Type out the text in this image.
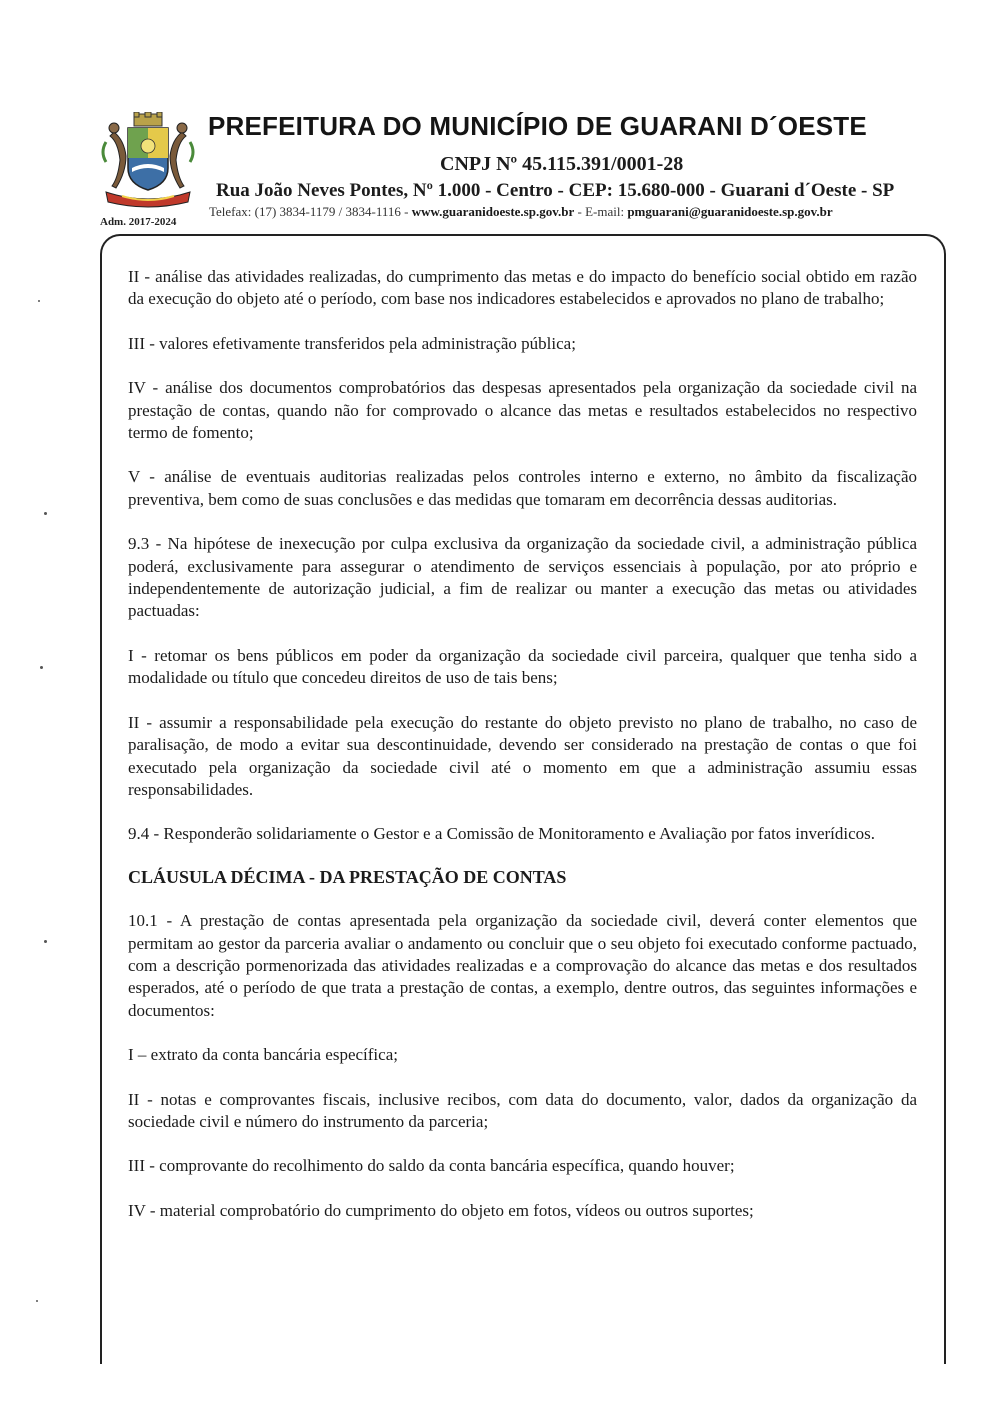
PREFEITURA DO MUNICÍPIO DE GUARANI D´OESTE
CNPJ Nº 45.115.391/0001-28
Rua João Neves Pontes, Nº 1.000 - Centro - CEP: 15.680-000 - Guarani d´Oeste - SP
Telefax: (17) 3834-1179 / 3834-1116 - www.guaranidoeste.sp.gov.br - E-mail: pmguarani@guaranidoeste.sp.gov.br
Adm. 2017-2024

II - análise das atividades realizadas, do cumprimento das metas e do impacto do benefício social obtido em razão da execução do objeto até o período, com base nos indicadores estabelecidos e aprovados no plano de trabalho;

III - valores efetivamente transferidos pela administração pública;

IV - análise dos documentos comprobatórios das despesas apresentados pela organização da sociedade civil na prestação de contas, quando não for comprovado o alcance das metas e resultados estabelecidos no respectivo termo de fomento;

V - análise de eventuais auditorias realizadas pelos controles interno e externo, no âmbito da fiscalização preventiva, bem como de suas conclusões e das medidas que tomaram em decorrência dessas auditorias.

9.3 - Na hipótese de inexecução por culpa exclusiva da organização da sociedade civil, a administração pública poderá, exclusivamente para assegurar o atendimento de serviços essenciais à população, por ato próprio e independentemente de autorização judicial, a fim de realizar ou manter a execução das metas ou atividades pactuadas:

I - retomar os bens públicos em poder da organização da sociedade civil parceira, qualquer que tenha sido a modalidade ou título que concedeu direitos de uso de tais bens;

II - assumir a responsabilidade pela execução do restante do objeto previsto no plano de trabalho, no caso de paralisação, de modo a evitar sua descontinuidade, devendo ser considerado na prestação de contas o que foi executado pela organização da sociedade civil até o momento em que a administração assumiu essas responsabilidades.

9.4 - Responderão solidariamente o Gestor e a Comissão de Monitoramento e Avaliação por fatos inverídicos.

CLÁUSULA DÉCIMA - DA PRESTAÇÃO DE CONTAS

10.1 - A prestação de contas apresentada pela organização da sociedade civil, deverá conter elementos que permitam ao gestor da parceria avaliar o andamento ou concluir que o seu objeto foi executado conforme pactuado, com a descrição pormenorizada das atividades realizadas e a comprovação do alcance das metas e dos resultados esperados, até o período de que trata a prestação de contas, a exemplo, dentre outros, das seguintes informações e documentos:

I – extrato da conta bancária específica;

II - notas e comprovantes fiscais, inclusive recibos, com data do documento, valor, dados da organização da sociedade civil e número do instrumento da parceria;

III - comprovante do recolhimento do saldo da conta bancária específica, quando houver;

IV - material comprobatório do cumprimento do objeto em fotos, vídeos ou outros suportes;
